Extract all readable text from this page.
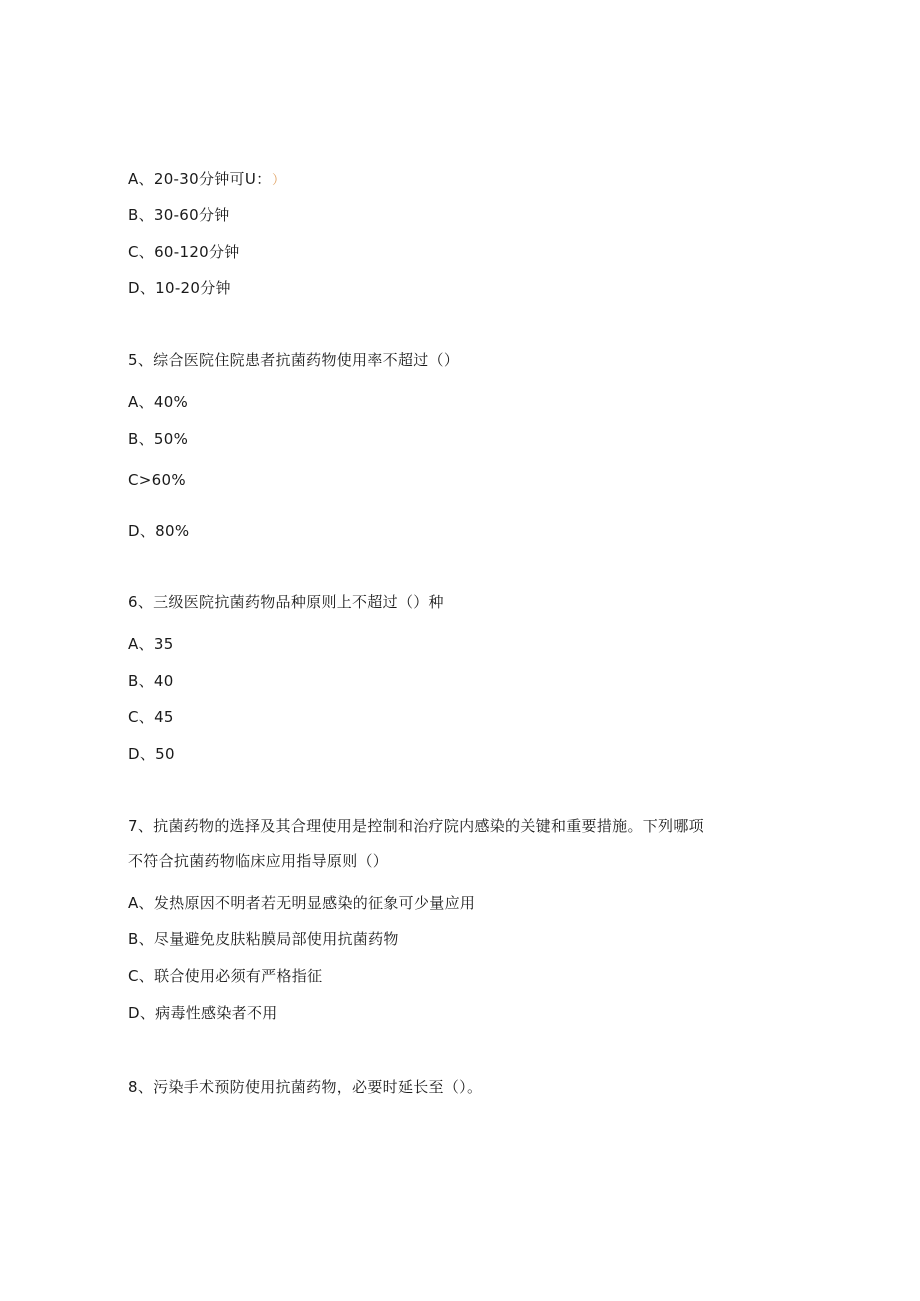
A、20-30分钟可U： ）
B、30-60分钟
C、60-120分钟
D、10-20分钟
5、综合医院住院患者抗菌药物使用率不超过（）
A、40%
B、50%
C>60%
D、80%
6、三级医院抗菌药物品种原则上不超过（）种
A、35
B、40
C、45
D、50
7、抗菌药物的选择及其合理使用是控制和治疗院内感染的关键和重要措施。下列哪项
不符合抗菌药物临床应用指导原则（）
A、发热原因不明者若无明显感染的征象可少量应用
B、尽量避免皮肤粘膜局部使用抗菌药物
C、联合使用必须有严格指征
D、病毒性感染者不用
8、污染手术预防使用抗菌药物，必要时延长至（）。
